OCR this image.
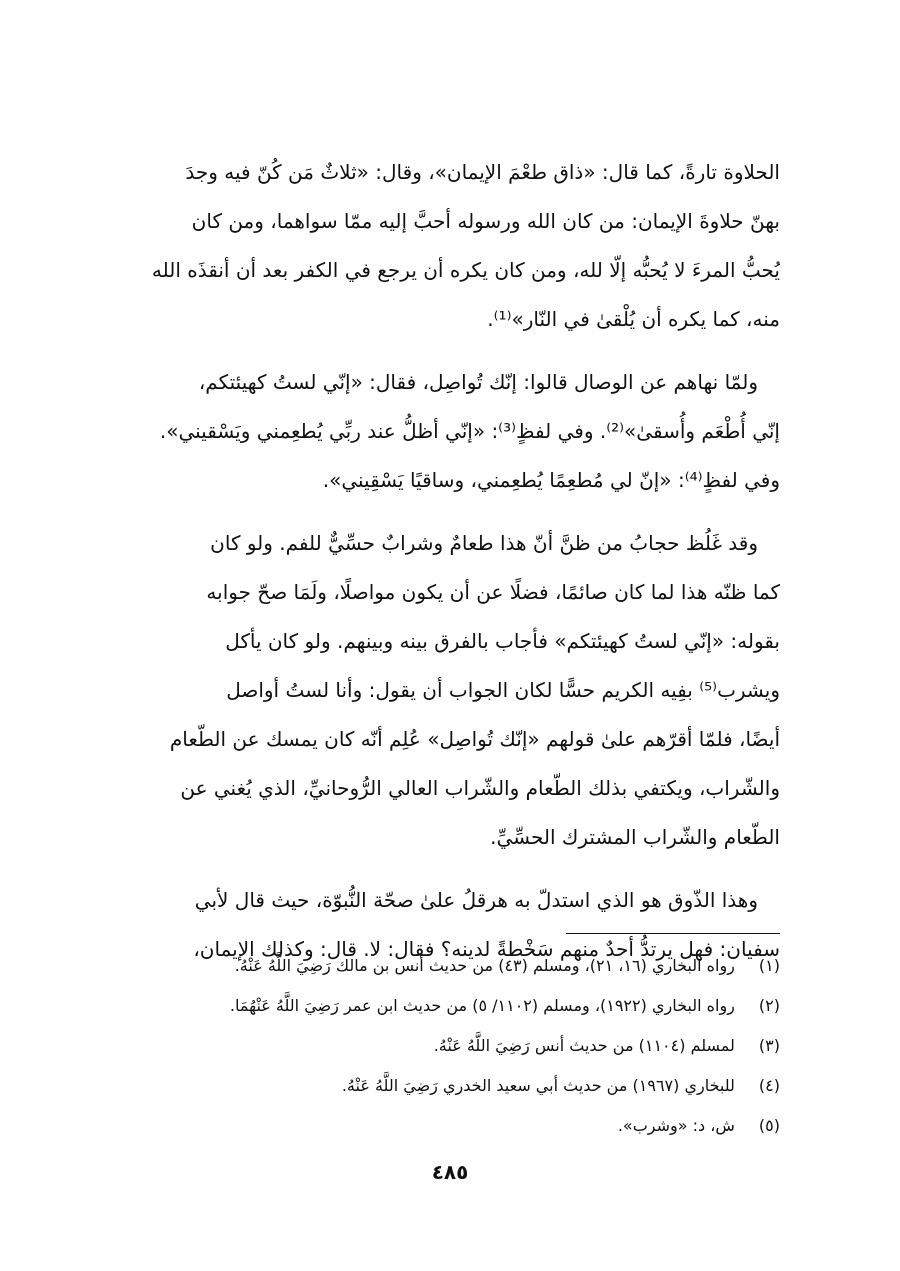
الحلاوة تارةً، كما قال: «ذاق طعْمَ الإيمان»، وقال: «ثلاثٌ مَن كُنّ فيه وجدَ
بهنّ حلاوةَ الإيمان: من كان الله ورسوله أحبَّ إليه ممّا سواهما، ومن كان
يُحبُّ المرءَ لا يُحبُّه إلّا لله، ومن كان يكره أن يرجع في الكفر بعد أن أنقذَه الله
منه، كما يكره أن يُلْقىٰ في النّار»⁽¹⁾.

ولمّا نهاهم عن الوصال قالوا: إنّك تُواصِل، فقال: «إنّي لستُ كهيئتكم،
إنّي أُطْعَم وأُسقىٰ»⁽²⁾. وفي لفظٍ⁽³⁾: «إنّي أظلُّ عند ربِّي يُطعِمني ويَسْقيني».
وفي لفظٍ⁽⁴⁾: «إنّ لي مُطعِمًا يُطعِمني، وساقيًا يَسْقِيني».

وقد غَلُظ حجابُ من ظنَّ أنّ هذا طعامٌ وشرابٌ حسِّيٌّ للفم. ولو كان
كما ظنّه هذا لما كان صائمًا، فضلًا عن أن يكون مواصلًا، ولَمَا صحّ جوابه
بقوله: «إنّي لستُ كهيئتكم» فأجاب بالفرق بينه وبينهم. ولو كان يأكل
ويشرب⁽⁵⁾ بفِيه الكريم حسًّا لكان الجواب أن يقول: وأنا لستُ أواصل
أيضًا، فلمّا أقرّهم علىٰ قولهم «إنّك تُواصِل» عُلِم أنّه كان يمسك عن الطّعام
والشّراب، ويكتفي بذلك الطّعام والشّراب العالي الرُّوحانيِّ، الذي يُغني عن
الطّعام والشّراب المشترك الحسِّيِّ.

وهذا الذّوق هو الذي استدلّ به هرقلُ علىٰ صحّة النُّبوّة، حيث قال لأبي
سفيان: فهل يرتدُّ أحدٌ منهم سَخْطةً لدينه؟ فقال: لا. قال: وكذلك الإيمان،

(١) رواه البخاري (١٦، ٢١)، ومسلم (٤٣) من حديث أنس بن مالك رَضِيَ اللَّهُ عَنْهُ.
(٢) رواه البخاري (١٩٢٢)، ومسلم (١١٠٢/ ٥) من حديث ابن عمر رَضِيَ اللَّهُ عَنْهُمَا.
(٣) لمسلم (١١٠٤) من حديث أنس رَضِيَ اللَّهُ عَنْهُ.
(٤) للبخاري (١٩٦٧) من حديث أبي سعيد الخدري رَضِيَ اللَّهُ عَنْهُ.
(٥) ش، د: «وشرب».
٤٨٥
